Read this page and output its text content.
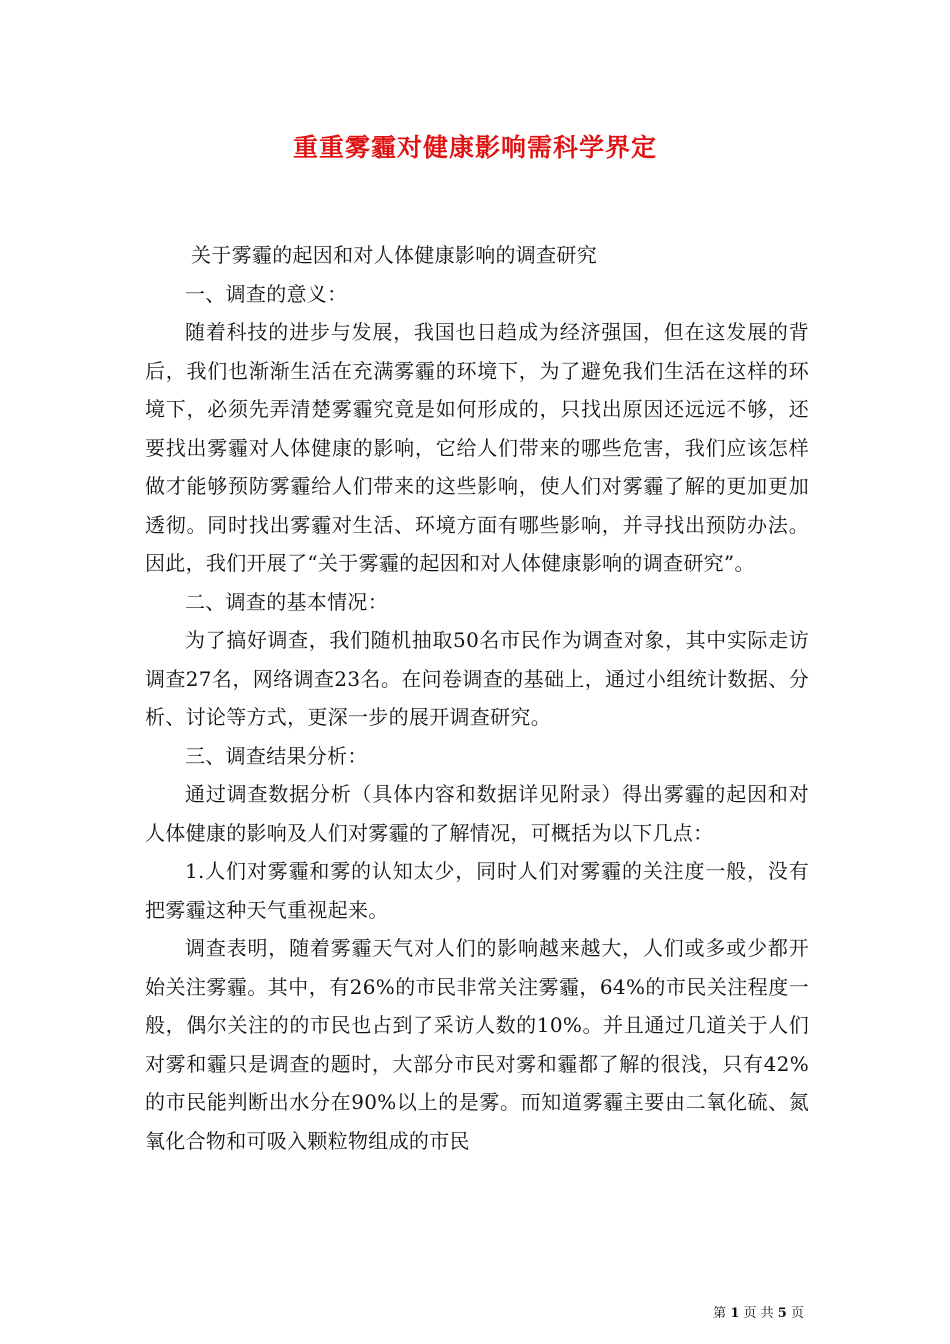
重重雾霾对健康影响需科学界定

关于雾霾的起因和对人体健康影响的调查研究

一、调查的意义：

随着科技的进步与发展，我国也日趋成为经济强国，但在这发展的背后，我们也渐渐生活在充满雾霾的环境下，为了避免我们生活在这样的环境下，必须先弄清楚雾霾究竟是如何形成的，只找出原因还远远不够，还要找出雾霾对人体健康的影响，它给人们带来的哪些危害，我们应该怎样做才能够预防雾霾给人们带来的这些影响，使人们对雾霾了解的更加更加透彻。同时找出雾霾对生活、环境方面有哪些影响，并寻找出预防办法。因此，我们开展了“关于雾霾的起因和对人体健康影响的调查研究”。

二、调查的基本情况：

为了搞好调查，我们随机抽取50名市民作为调查对象，其中实际走访调查27名，网络调查23名。在问卷调查的基础上，通过小组统计数据、分析、讨论等方式，更深一步的展开调查研究。

三、调查结果分析：

通过调查数据分析（具体内容和数据详见附录）得出雾霾的起因和对人体健康的影响及人们对雾霾的了解情况，可概括为以下几点：

1.人们对雾霾和雾的认知太少，同时人们对雾霾的关注度一般，没有把雾霾这种天气重视起来。

调查表明，随着雾霾天气对人们的影响越来越大，人们或多或少都开始关注雾霾。其中，有26%的市民非常关注雾霾，64%的市民关注程度一般，偶尔关注的的市民也占到了采访人数的10%。并且通过几道关于人们对雾和霾只是调查的题时，大部分市民对雾和霾都了解的很浅，只有42%的市民能判断出水分在90%以上的是雾。而知道雾霾主要由二氧化硫、氮氧化合物和可吸入颗粒物组成的市民

第 1 页 共 5 页
